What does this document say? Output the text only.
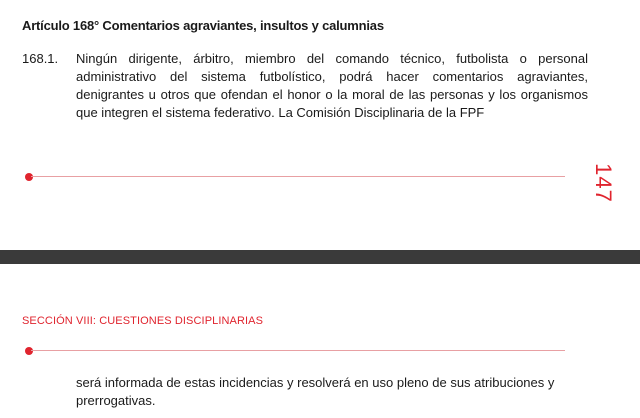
Artículo 168° Comentarios agraviantes, insultos y calumnias
168.1. Ningún dirigente, árbitro, miembro del comando técnico, futbolista o personal administrativo del sistema futbolístico, podrá hacer comentarios agraviantes, denigrantes u otros que ofendan el honor o la moral de las personas y los organismos que integren el sistema federativo. La Comisión Disciplinaria de la FPF
147
SECCIÓN VIII: CUESTIONES DISCIPLINARIAS
será informada de estas incidencias y resolverá en uso pleno de sus atribuciones y prerrogativas.
